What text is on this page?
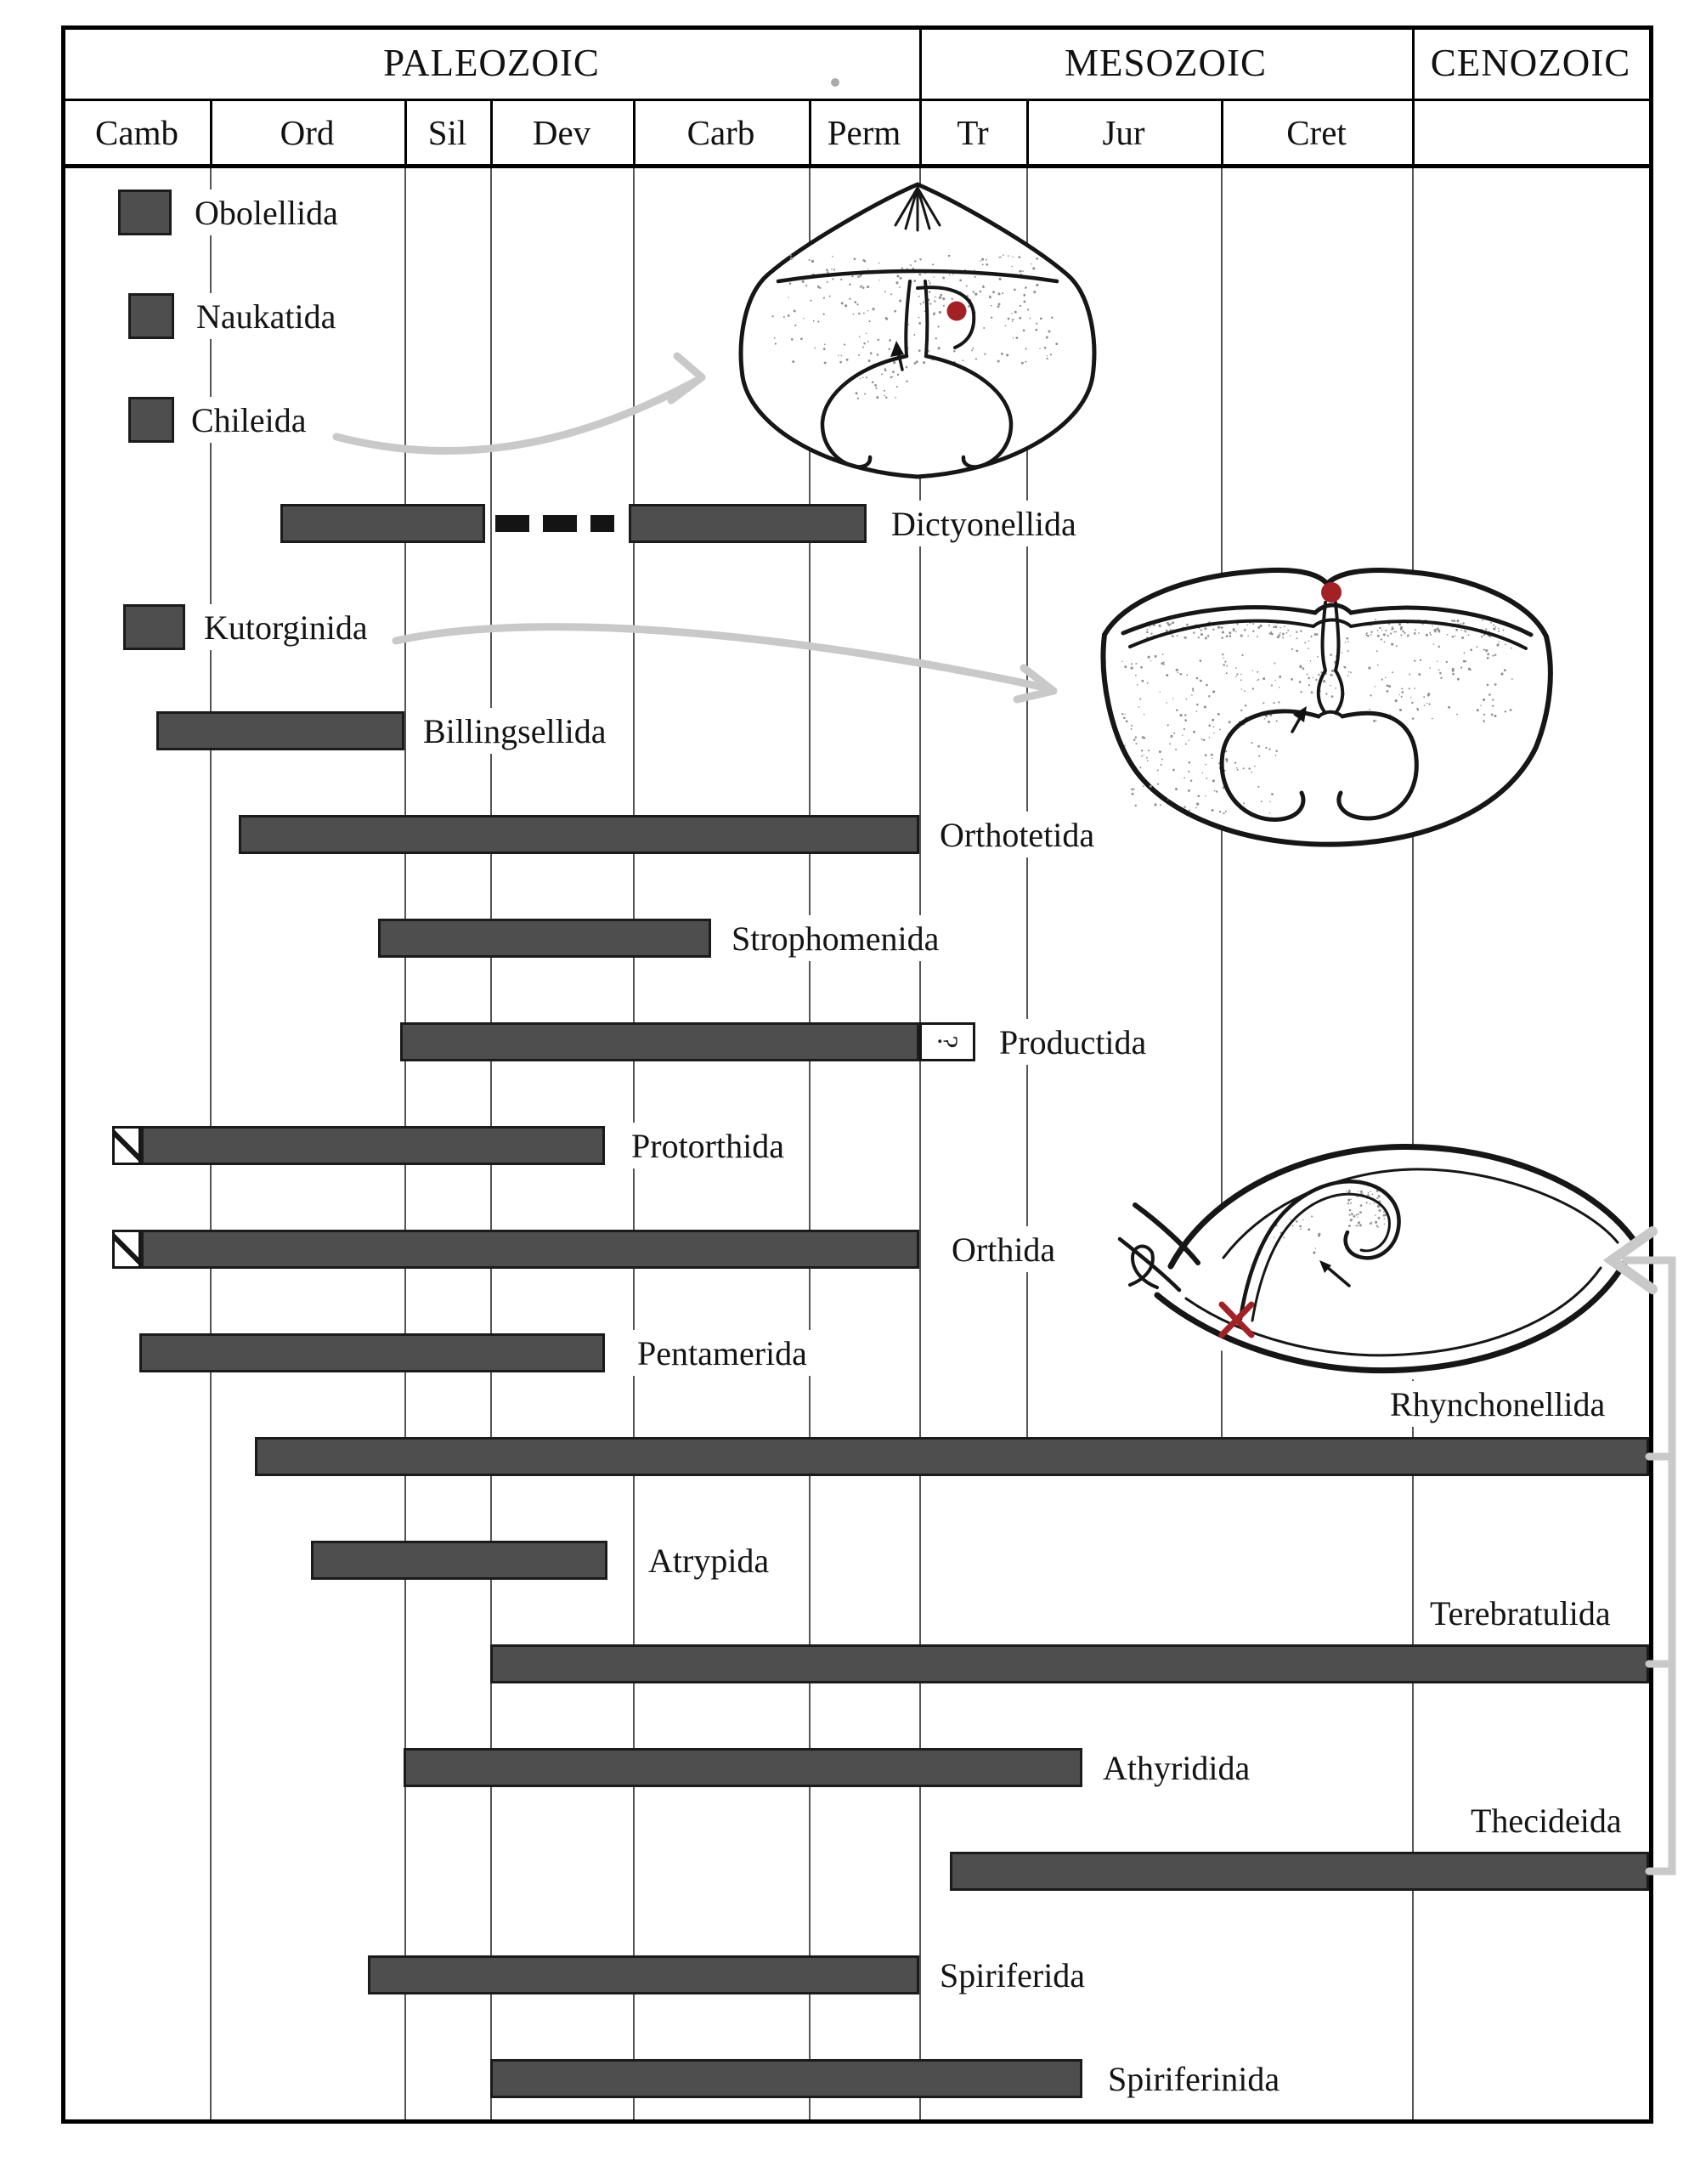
PALEOZOIC	MESOZOIC	CENOZOIC
Camb	Ord	Sil	Dev	Carb	Perm	Tr	Jur	Cret
Obolellida
Naukatida
Chileida
Dictyonellida
Kutorginida
Billingsellida
Orthotetida
Strophomenida
? Productida
Protorthida
Orthida
Pentamerida
Rhynchonellida
Atrypida
Terebratulida
Athyridida
Thecideida
Spiriferida
Spiriferinida
